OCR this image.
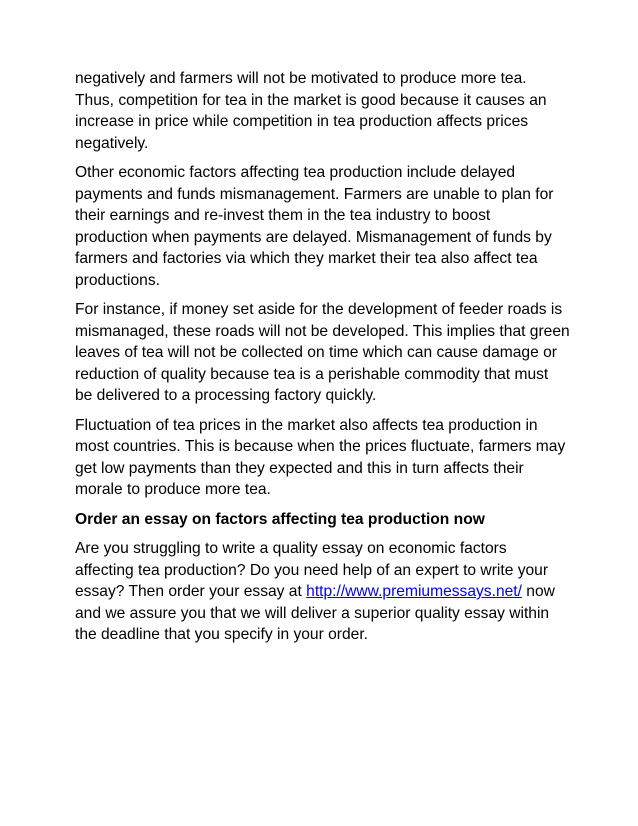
negatively and farmers will not be motivated to produce more tea.
Thus, competition for tea in the market is good because it causes an
increase in price while competition in tea production affects prices
negatively.

Other economic factors affecting tea production include delayed
payments and funds mismanagement. Farmers are unable to plan for
their earnings and re-invest them in the tea industry to boost
production when payments are delayed. Mismanagement of funds by
farmers and factories via which they market their tea also affect tea
productions.

For instance, if money set aside for the development of feeder roads is
mismanaged, these roads will not be developed. This implies that green
leaves of tea will not be collected on time which can cause damage or
reduction of quality because tea is a perishable commodity that must
be delivered to a processing factory quickly.

Fluctuation of tea prices in the market also affects tea production in
most countries. This is because when the prices fluctuate, farmers may
get low payments than they expected and this in turn affects their
morale to produce more tea.

Order an essay on factors affecting tea production now

Are you struggling to write a quality essay on economic factors
affecting tea production? Do you need help of an expert to write your
essay? Then order your essay at http://www.premiumessays.net/ now
and we assure you that we will deliver a superior quality essay within
the deadline that you specify in your order.
